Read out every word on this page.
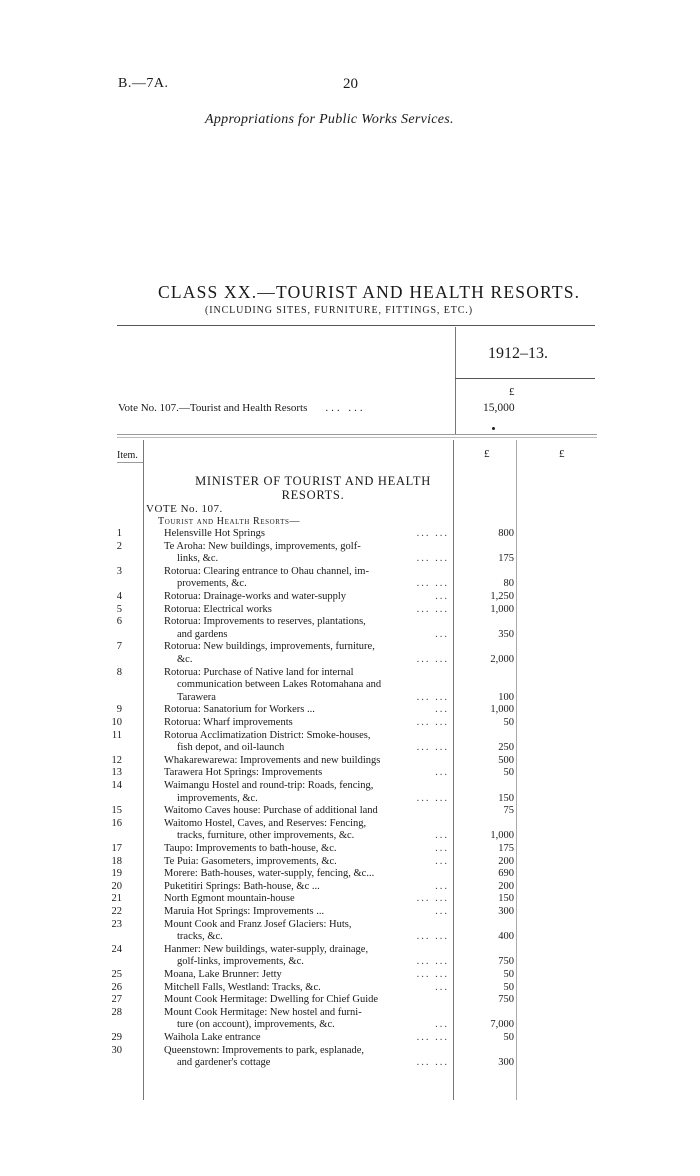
B.—7A.	20
Appropriations for Public Works Services.
CLASS XX.—TOURIST AND HEALTH RESORTS.
(INCLUDING SITES, FURNITURE, FITTINGS, ETC.)
1912–13.
£
Vote No. 107.—Tourist and Health Resorts ... ...	15,000
Item.	£	£
MINISTER OF TOURIST AND HEALTH
RESORTS.
VOTE No. 107.
Tourist and Health Resorts—
1	Helensville Hot Springs	... ...	800
2	Te Aroha: New buildings, improvements, golf-
links, &c.	... ...	175
3	Rotorua: Clearing entrance to Ohau channel, im-
provements, &c.	... ...	80
4	Rotorua: Drainage-works and water-supply	...	1,250
5	Rotorua: Electrical works	... ...	1,000
6	Rotorua: Improvements to reserves, plantations,
and gardens	...	350
7	Rotorua: New buildings, improvements, furniture,
&c.	... ...	2,000
8	Rotorua: Purchase of Native land for internal
communication between Lakes Rotomahana and
Tarawera	... ...	100
9	Rotorua: Sanatorium for Workers ...	...	1,000
10	Rotorua: Wharf improvements	... ...	50
11	Rotorua Acclimatization District: Smoke-houses,
fish depot, and oil-launch	... ...	250
12	Whakarewarewa: Improvements and new buildings	500
13	Tarawera Hot Springs: Improvements	...	50
14	Waimangu Hostel and round-trip: Roads, fencing,
improvements, &c.	... ...	150
15	Waitomo Caves house: Purchase of additional land	75
16	Waitomo Hostel, Caves, and Reserves: Fencing,
tracks, furniture, other improvements, &c.	...	1,000
17	Taupo: Improvements to bath-house, &c.	...	175
18	Te Puia: Gasometers, improvements, &c.	...	200
19	Morere: Bath-houses, water-supply, fencing, &c...	690
20	Puketitiri Springs: Bath-house, &c ...	...	200
21	North Egmont mountain-house	... ...	150
22	Maruia Hot Springs: Improvements ...	...	300
23	Mount Cook and Franz Josef Glaciers: Huts,
tracks, &c.	... ...	400
24	Hanmer: New buildings, water-supply, drainage,
golf-links, improvements, &c.	... ...	750
25	Moana, Lake Brunner: Jetty	... ...	50
26	Mitchell Falls, Westland: Tracks, &c.	...	50
27	Mount Cook Hermitage: Dwelling for Chief Guide	750
28	Mount Cook Hermitage: New hostel and furni-
ture (on account), improvements, &c.	...	7,000
29	Waihola Lake entrance	... ...	50
30	Queenstown: Improvements to park, esplanade,
and gardener's cottage	... ...	300
